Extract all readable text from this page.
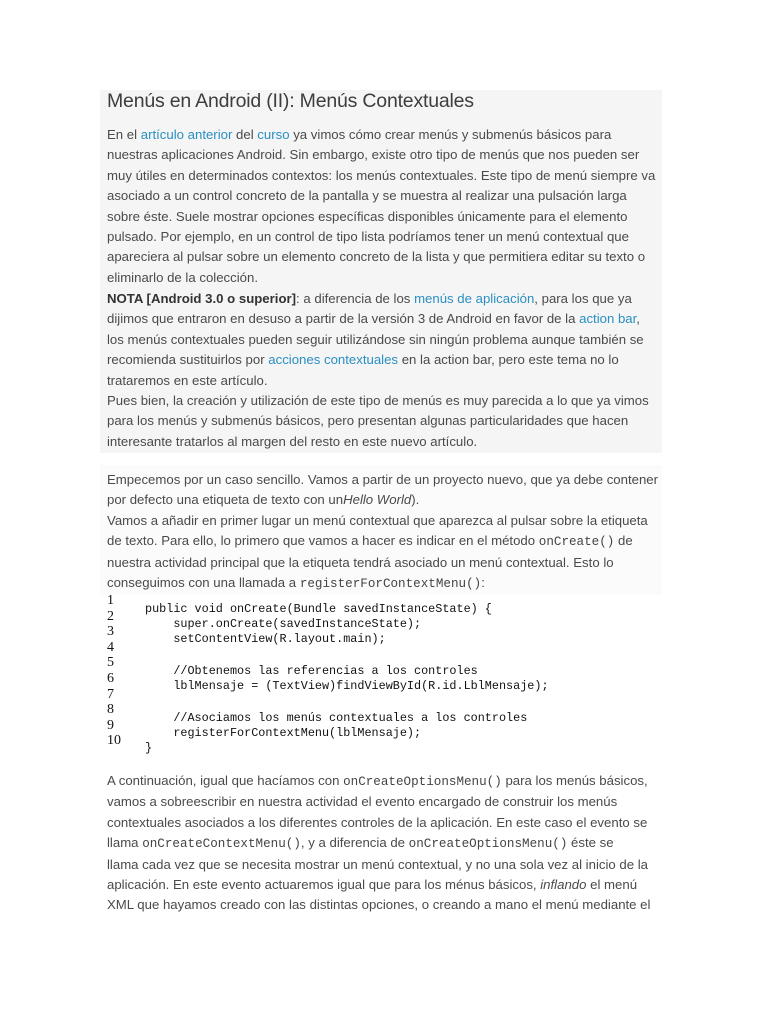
Menús en Android (II): Menús Contextuales
En el artículo anterior del curso ya vimos cómo crear menús y submenús básicos para
nuestras aplicaciones Android. Sin embargo, existe otro tipo de menús que nos pueden ser
muy útiles en determinados contextos: los menús contextuales. Este tipo de menú siempre va
asociado a un control concreto de la pantalla y se muestra al realizar una pulsación larga
sobre éste. Suele mostrar opciones específicas disponibles únicamente para el elemento
pulsado. Por ejemplo, en un control de tipo lista podríamos tener un menú contextual que
apareciera al pulsar sobre un elemento concreto de la lista y que permitiera editar su texto o
eliminarlo de la colección.
NOTA [Android 3.0 o superior]: a diferencia de los menús de aplicación, para los que ya
dijimos que entraron en desuso a partir de la versión 3 de Android en favor de la action bar,
los menús contextuales pueden seguir utilizándose sin ningún problema aunque también se
recomienda sustituirlos por acciones contextuales en la action bar, pero este tema no lo
trataremos en este artículo.
Pues bien, la creación y utilización de este tipo de menús es muy parecida a lo que ya vimos
para los menús y submenús básicos, pero presentan algunas particularidades que hacen
interesante tratarlos al margen del resto en este nuevo artículo.
Empecemos por un caso sencillo. Vamos a partir de un proyecto nuevo, que ya debe contener
por defecto una etiqueta de texto con unHello World).
Vamos a añadir en primer lugar un menú contextual que aparezca al pulsar sobre la etiqueta
de texto. Para ello, lo primero que vamos a hacer es indicar en el método onCreate() de
nuestra actividad principal que la etiqueta tendrá asociado un menú contextual. Esto lo
conseguimos con una llamada a registerForContextMenu():
1
2
3
4
5
6
7
8
9
10
public void onCreate(Bundle savedInstanceState) {
super.onCreate(savedInstanceState);
setContentView(R.layout.main);
//Obtenemos las referencias a los controles
lblMensaje = (TextView)findViewById(R.id.LblMensaje);
//Asociamos los menús contextuales a los controles
registerForContextMenu(lblMensaje);
}
A continuación, igual que hacíamos con onCreateOptionsMenu() para los menús básicos,
vamos a sobreescribir en nuestra actividad el evento encargado de construir los menús
contextuales asociados a los diferentes controles de la aplicación. En este caso el evento se
llama onCreateContextMenu(), y a diferencia de onCreateOptionsMenu() éste se
llama cada vez que se necesita mostrar un menú contextual, y no una sola vez al inicio de la
aplicación. En este evento actuaremos igual que para los ménus básicos, inflando el menú
XML que hayamos creado con las distintas opciones, o creando a mano el menú mediante el
